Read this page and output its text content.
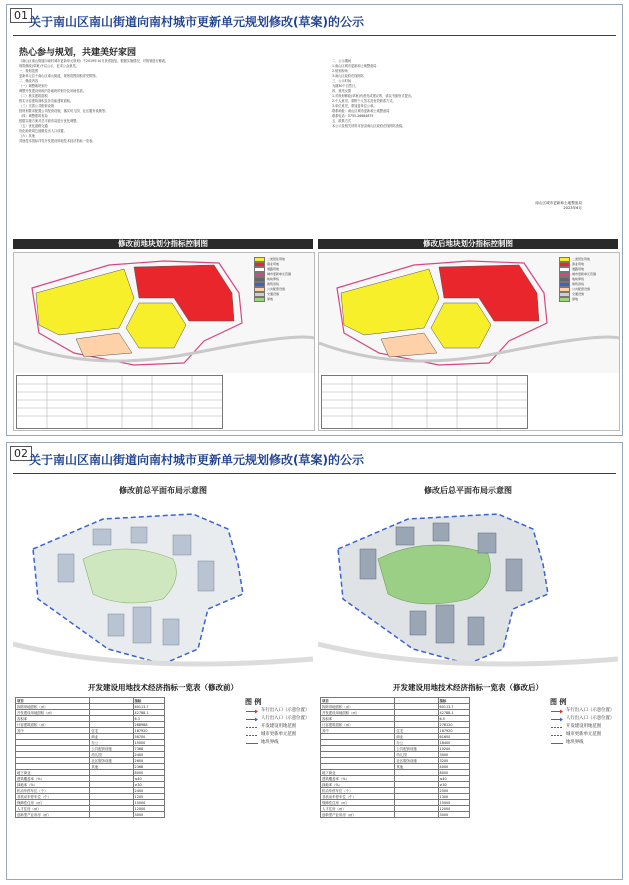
01 关于南山区南山街道向南村城市更新单元规划修改(草案)的公示
热心参与规划，共建美好家园
《南山区南山街道向南村城市更新单元规划》于2019年10月获得批复。根据实施情况，对规划进行修改，
现将修改(草案)予以公示，征求公众意见。
一、规划范围
更新单元位于南山区南山街道，规划范围面积详见附图。
二、修改内容
（一）调整地块划分
调整开发建设用地内各地块的划分及用地性质。
（二）核实建筑面积
核实计容建筑面积及各功能建筑面积。
（三）完善公共配套设施
按规划要求配置公共配套设施，落实幼儿园、社区服务设施等。
（四）调整建筑布局
根据实施方案对总平面布局进行优化调整。
（五）优化道路交通
优化地块周边道路及出入口设置。
（六）其他
其他技术指标详见开发建设用地技术经济指标一览表。
二、公示期间
1.南山区城市更新和土地整备局
2.规划现场
3.南山区政府在线网站
三、公示时间
为期30个自然日。
四、意见反馈
1.对规划修改(草案)有意见或建议的，请以书面形式提出。
2.个人意见，需附个人签名及有效联系方式。
3.单位意见，需加盖单位公章。
联系地址：南山区城市更新和土地整备局
联系电话：0755-26684875
五、联系方式
本公示及相关材料可登录南山区政府在线网站查阅。
南山区城市更新和土地整备局
2023年6月
修改前地块划分指标控制图	修改后地块划分指标控制图
二类居住用地
商业用地
道路用地
城市更新单元范围
地块界线
建筑退线
公共配套设施
交通设施
绿地
二类居住用地
商业用地
道路用地
城市更新单元范围
地块界线
建筑退线
公共配套设施
交通设施
绿地
02 关于南山区南山街道向南村城市更新单元规划修改(草案)的公示
修改前总平面布局示意图	修改后总平面布局示意图
开发建设用地技术经济指标一览表（修改前）	开发建设用地技术经济指标一览表（修改后）
项目		指标
拆除用地面积（㎡）		60113.7
开发建设用地面积（㎡）		42788.1
容积率		6.3
计容建筑面积（㎡）		268988
其中	住宅	187920
	商业	58700
	办公	15000
	公共配套设施	7368
	幼儿园	2400
	社区服务设施	2600
	其他	2368
地下商业		8000
建筑覆盖率（%）		≤40
绿地率（%）		≥30
机动车停车位（个）		2400
非机动车停车位（个）		1200
保障性住房（㎡）		15000
人才住房（㎡）		12000
创新型产业用房（㎡）		3000
项目		指标
拆除用地面积（㎡）		60113.7
开发建设用地面积（㎡）		42788.1
容积率		6.5
计容建筑面积（㎡）		278120
其中	住宅	187920
	商业	61600
	办公	18400
	公共配套设施	10200
	幼儿园	3000
	社区服务设施	3200
	其他	4000
地下商业		8000
建筑覆盖率（%）		≤40
绿地率（%）		≥30
机动车停车位（个）		2500
非机动车停车位（个）		1300
保障性住房（㎡）		15000
人才住房（㎡）		12000
创新型产业用房（㎡）		3000
图 例
车行出入口（示意位置）
人行出入口（示意位置）
开发建设用地范围
城市更新单元范围
地块界线
图 例
车行出入口（示意位置）
人行出入口（示意位置）
开发建设用地范围
城市更新单元范围
地块界线
